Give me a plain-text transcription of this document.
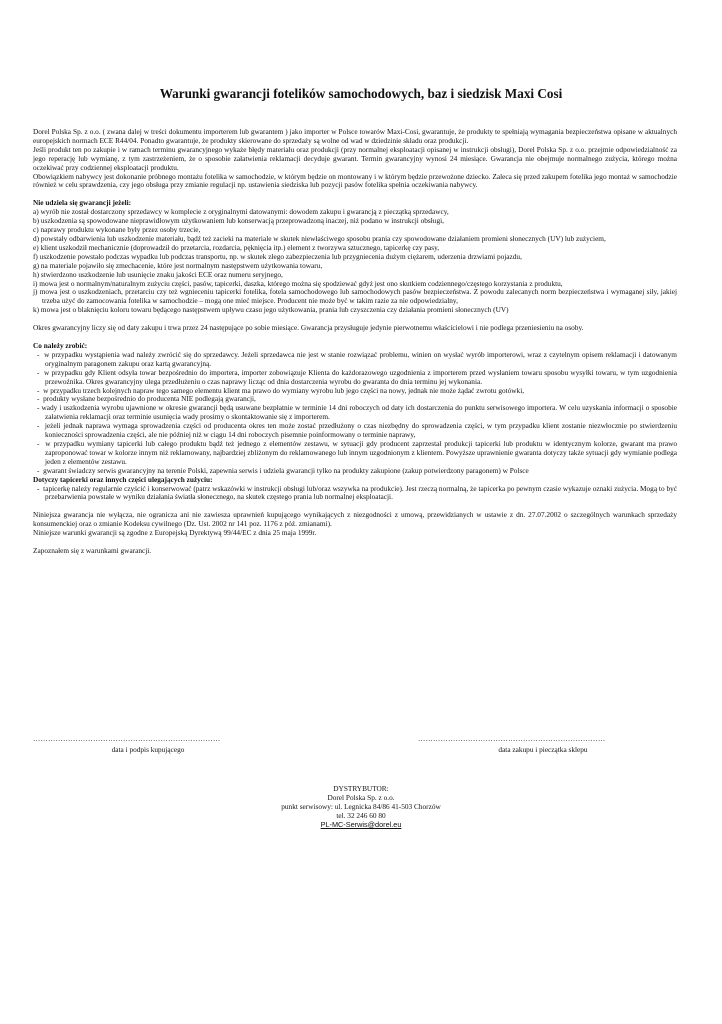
Warunki gwarancji fotelików samochodowych, baz i siedzisk Maxi Cosi

Dorel Polska Sp. z o.o. ( zwana dalej w treści dokumentu importerem lub gwarantem ) jako importer w Polsce towarów Maxi-Cosi, gwarantuje, że produkty te spełniają wymagania bezpieczeństwa opisane w aktualnych europejskich normach ECE R44/04. Ponadto gwarantuje, że produkty skierowane do sprzedaży są wolne od wad w dziedzinie składu oraz produkcji.

Jeśli produkt ten po zakupie i w ramach terminu gwarancyjnego wykaże błędy materiału oraz produkcji (przy normalnej eksploatacji opisanej w instrukcji obsługi), Dorel Polska Sp. z o.o. przejmie odpowiedzialność za jego reperację lub wymianę, z tym zastrzeżeniem, że o sposobie załatwienia reklamacji decyduje gwarant. Termin gwarancyjny wynosi 24 miesiące. Gwarancja nie obejmuje normalnego zużycia, którego można oczekiwać przy codziennej eksploatacji produktu.

Obowiązkiem nabywcy jest dokonanie próbnego montażu fotelika w samochodzie, w którym będzie on montowany i w którym będzie przewożone dziecko. Zaleca się przed zakupem fotelika jego montaż w samochodzie również w celu sprawdzenia, czy jego obsługa przy zmianie regulacji np. ustawienia siedziska lub pozycji pasów fotelika spełnia oczekiwania nabywcy.

Nie udziela się gwarancji jeżeli:

a) wyrób nie został dostarczony sprzedawcy w komplecie z oryginalnymi datowanymi: dowodem zakupu i gwarancją z pieczątką sprzedawcy,

b) uszkodzenia są spowodowane nieprawidłowym użytkowaniem lub konserwacją przeprowadzoną inaczej, niż podano w instrukcji obsługi,

c) naprawy produktu wykonane były przez osoby trzecie,

d) powstały odbarwienia lub uszkodzenie materiału, bądź też zacieki na materiale w skutek niewłaściwego sposobu prania czy spowodowane działaniem promieni słonecznych (UV) lub zużyciem,

e) klient uszkodził mechanicznie (doprowadził do przetarcia, rozdarcia, pęknięcia itp.) element z tworzywa sztucznego, tapicerkę czy pasy,

f) uszkodzenie powstało podczas wypadku lub podczas transportu, np. w skutek złego zabezpieczenia lub przygniecenia dużym ciężarem, uderzenia drzwiami pojazdu,

g) na materiale pojawiło się zmechacenie, które jest normalnym następstwem użytkowania towaru,

h) stwierdzono uszkodzenie lub usunięcie znaku jakości ECE oraz numeru seryjnego,

i) mowa jest o normalnym/naturalnym zużyciu części, pasów, tapicerki, daszka, którego można się spodziewać gdyż jest ono skutkiem codziennego/częstego korzystania z produktu,

j) mowa jest o uszkodzeniach, przetarciu czy też wgnieceniu tapicerki fotelika, fotela samochodowego lub samochodowych pasów bezpieczeństwa. Z powodu zalecanych norm bezpieczeństwa i wymaganej siły, jakiej trzeba użyć do zamocowania fotelika w samochodzie – mogą one mieć miejsce. Producent nie może być w takim razie za nie odpowiedzialny,

k) mowa jest o blaknięciu koloru towaru będącego następstwem upływu czasu jego użytkowania, prania lub czyszczenia czy działania promieni słonecznych (UV)

Okres gwarancyjny liczy się od daty zakupu i trwa przez 24 następujące po sobie miesiące. Gwarancja przysługuje jedynie pierwotnemu właścicielowi i nie podlega przeniesieniu na osoby.

Co należy zrobić:

-  w przypadku wystąpienia wad należy zwrócić się do sprzedawcy. Jeżeli sprzedawca nie jest w stanie rozwiązać problemu, winien on wysłać wyrób importerowi, wraz z czytelnym opisem reklamacji i datowanym oryginalnym paragonem zakupu oraz kartą gwarancyjną.

-  w przypadku gdy Klient odsyła towar bezpośrednio do importera, importer zobowiązuje Klienta do każdorazowego uzgodnienia z importerem przed wysłaniem towaru sposobu wysyłki towaru, w tym uzgodnienia przewoźnika. Okres gwarancyjny ulega przedłużeniu o czas naprawy licząc od dnia dostarczenia wyrobu do gwaranta do dnia terminu jej wykonania.

-  w przypadku trzech kolejnych napraw tego samego elementu klient ma prawo do wymiany wyrobu lub jego części na nowy, jednak nie może żądać zwrotu gotówki,

-  produkty wysłane bezpośrednio do producenta NIE podlegają gwarancji,

- wady i uszkodzenia wyrobu ujawnione w okresie gwarancji będą usuwane bezpłatnie w terminie 14 dni roboczych od daty ich dostarczenia do punktu serwisowego importera. W celu uzyskania informacji o sposobie załatwienia reklamacji oraz terminie usunięcia wady prosimy o skontaktowanie się z importerem.

-  jeżeli jednak naprawa wymaga sprowadzenia części od producenta okres ten może zostać przedłużony o czas niezbędny do sprowadzenia części, w tym przypadku klient zostanie niezwłocznie po stwierdzeniu konieczności sprowadzenia części, ale nie później niż w ciągu 14 dni roboczych pisemnie poinformowany o terminie naprawy,

-  w przypadku wymiany tapicerki lub całego produktu bądź też jednego z elementów zestawu, w sytuacji gdy producent zaprzestał produkcji tapicerki lub produktu w identycznym kolorze, gwarant ma prawo zaproponować towar w kolorze innym niż reklamowany, najbardziej zbliżonym do reklamowanego lub innym uzgodnionym z klientem. Powyższe uprawnienie gwaranta dotyczy także sytuacji gdy wymianie podlega jeden z elementów zestawu.

-  gwarant świadczy serwis gwarancyjny na terenie Polski, zapewnia serwis i udziela gwarancji tylko na produkty zakupione (zakup potwierdzony paragonem) w Polsce

Dotyczy tapicerki oraz innych części ulegających zużyciu:

- tapicerkę należy regularnie czyścić i konserwować (patrz wskazówki w instrukcji obsługi lub/oraz wszywka na produkcie). Jest rzeczą normalną, że tapicerka po pewnym czasie wykazuje oznaki zużycia. Mogą to być przebarwienia powstałe w wyniku działania światła słonecznego, na skutek częstego prania lub normalnej eksploatacji.

Niniejsza gwarancja nie wyłącza, nie ogranicza ani nie zawiesza uprawnień kupującego wynikających z niezgodności z umową, przewidzianych w ustawie z dn. 27.07.2002 o szczególnych warunkach sprzedaży konsumenckiej oraz o zmianie Kodeksu cywilnego (Dz. Ust. 2002 nr 141 poz. 1176 z póź. zmianami).

Niniejsze warunki gwarancji są zgodne z Europejską Dyrektywą 99/44/EC z dnia 25 maja 1999r.

Zapoznałem się z warunkami gwarancji.

…………………………………………………………………
data i podpis kupującego
…………………………………………………………………
data zakupu i pieczątka sklepu
DYSTRYBUTOR:
Dorel Polska Sp. z o.o.
punkt serwisowy: ul. Legnicka 84/86 41-503 Chorzów
tel. 32 246 60 80
PL-MC-Serwis@dorel.eu
